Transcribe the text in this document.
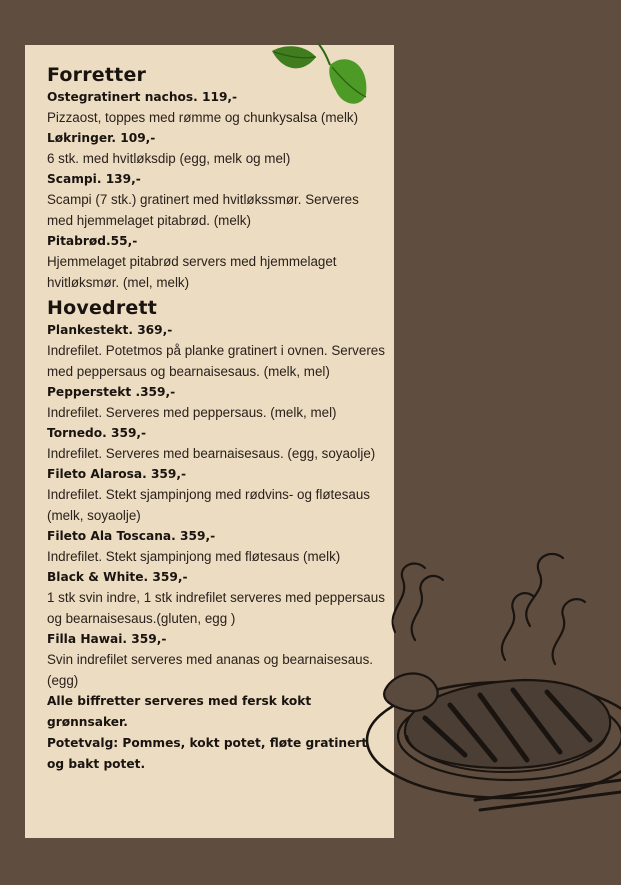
Forretter
Ostegratinert nachos. 119,-
Pizzaost, toppes med rømme og chunkysalsa (melk)
Løkringer. 109,-
6 stk. med hvitløksdip (egg, melk og mel)
Scampi. 139,-
Scampi (7 stk.) gratinert med hvitløkssmør. Serveres med hjemmelaget pitabrød. (melk)
Pitabrød.55,-
Hjemmelaget pitabrød servers med hjemmelaget hvitløksmør. (mel, melk)
Hovedrett
Plankestekt. 369,-
Indrefilet. Potetmos på planke gratinert i ovnen. Serveres med peppersaus og bearnaisesaus. (melk, mel)
Pepperstekt .359,-
Indrefilet. Serveres med peppersaus. (melk, mel)
Tornedo. 359,-
Indrefilet. Serveres med bearnaisesaus. (egg, soyaolje)
Fileto Alarosa. 359,-
Indrefilet. Stekt sjampinjong med rødvins- og fløtesaus (melk, soyaolje)
Fileto Ala Toscana. 359,-
Indrefilet. Stekt sjampinjong med fløtesaus (melk)
Black & White. 359,-
1 stk svin indre, 1 stk indrefilet serveres med peppersaus og bearnaisesaus.(gluten, egg )
Filla Hawai. 359,-
Svin indrefilet serveres med ananas og bearnaisesaus.(egg)
Alle biffretter serveres med fersk kokt grønnsaker.
Potetvalg: Pommes, kokt potet, fløte gratinert og bakt potet.
